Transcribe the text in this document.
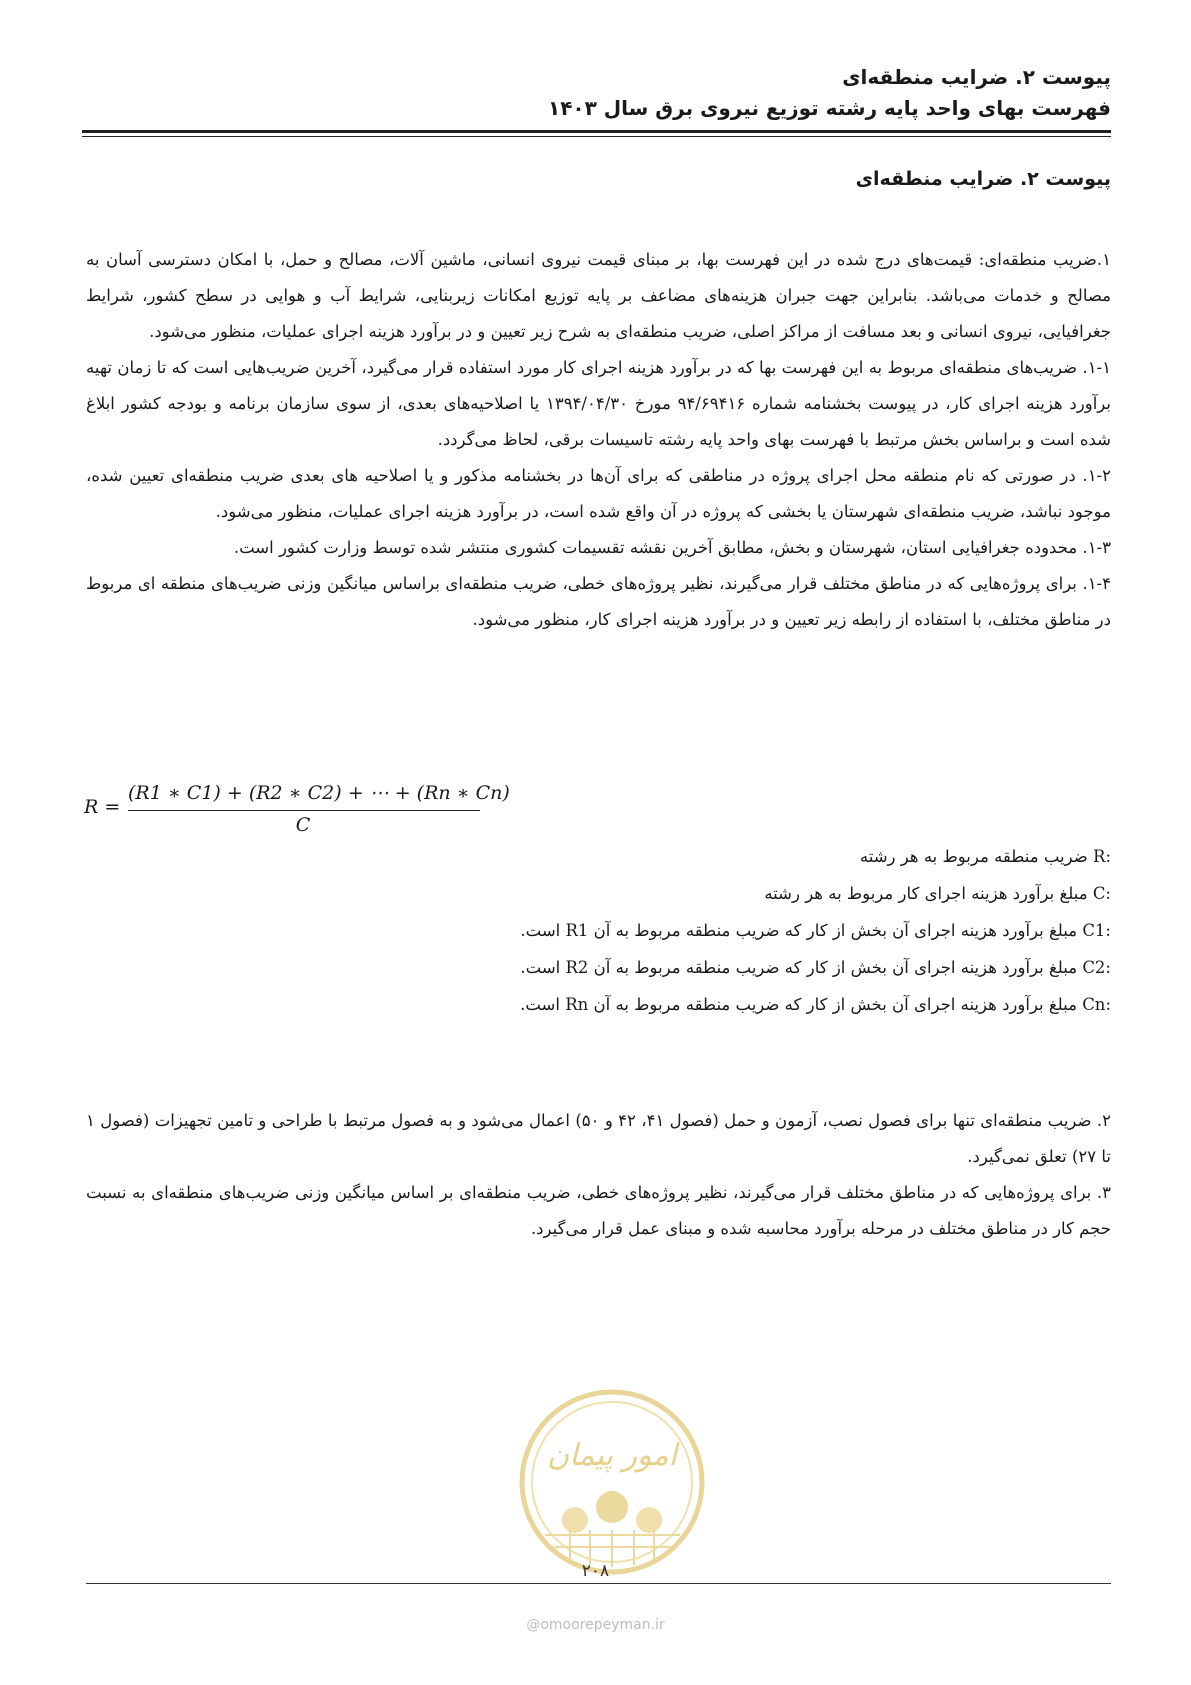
پیوست ۲. ضرایب منطقه‌ای
فهرست بهای واحد پایه رشته توزیع نیروی برق سال ۱۴۰۳
پیوست ۲. ضرایب منطقه‌ای

۱.ضریب منطقه‌ای: قیمت‌های درج شده در این فهرست بها، بر مبنای قیمت نیروی انسانی، ماشین آلات، مصالح و حمل، با امکان دسترسی آسان به مصالح و خدمات می‌باشد. بنابراین جهت جبران هزینه‌های مضاعف بر پایه توزیع امکانات زیربنایی، شرایط آب و هوایی در سطح کشور، شرایط جغرافیایی، نیروی انسانی و بعد مسافت از مراکز اصلی، ضریب منطقه‌ای به شرح زیر تعیین و در برآورد هزینه اجرای عملیات، منظور می‌شود.

۱-۱. ضریب‌های منطقه‌ای مربوط به این فهرست بها که در برآورد هزینه اجرای کار مورد استفاده قرار می‌گیرد، آخرین ضریب‌هایی است که تا زمان تهیه برآورد هزینه اجرای کار، در پیوست بخشنامه شماره ۹۴/۶۹۴۱۶ مورخ ۱۳۹۴/۰۴/۳۰ یا اصلاحیه‌های بعدی، از سوی سازمان برنامه و بودجه کشور ابلاغ شده است و براساس بخش مرتبط با فهرست بهای واحد پایه رشته تاسیسات برقی، لحاظ می‌گردد.

۱-۲. در صورتی که نام منطقه محل اجرای پروژه در مناطقی که برای آن‌ها در بخشنامه مذکور و یا اصلاحیه های بعدی ضریب منطقه‌ای تعیین شده، موجود نباشد، ضریب منطقه‌ای شهرستان یا بخشی که پروژه در آن واقع شده است، در برآورد هزینه اجرای عملیات، منظور می‌شود.

۱-۳. محدوده جغرافیایی استان، شهرستان و بخش، مطابق آخرین نقشه تقسیمات کشوری منتشر شده توسط وزارت کشور است.

۱-۴. برای پروژه‌هایی که در مناطق مختلف قرار می‌گیرند، نظیر پروژه‌های خطی، ضریب منطقه‌ای براساس میانگین وزنی ضریب‌های منطقه ای مربوط در مناطق مختلف، با استفاده از رابطه زیر تعیین و در برآورد هزینه اجرای کار، منظور می‌شود.

R =
(R1 ∗ C1) + (R2 ∗ C2) + ⋯ + (Rn ∗ Cn)
C
R: ضریب منطقه مربوط به هر رشته
C: مبلغ برآورد هزینه اجرای کار مربوط به هر رشته
C1: مبلغ برآورد هزینه اجرای آن بخش از کار که ضریب منطقه مربوط به آن R1 است.
C2: مبلغ برآورد هزینه اجرای آن بخش از کار که ضریب منطقه مربوط به آن R2 است.
Cn: مبلغ برآورد هزینه اجرای آن بخش از کار که ضریب منطقه مربوط به آن Rn است.

۲. ضریب منطقه‌ای تنها برای فصول نصب، آزمون و حمل (فصول ۴۱، ۴۲ و ۵۰) اعمال می‌شود و به فصول مرتبط با طراحی و تامین تجهیزات (فصول ۱ تا ۲۷) تعلق نمی‌گیرد.

۳. برای پروژه‌هایی که در مناطق مختلف قرار می‌گیرند، نظیر پروژه‌های خطی، ضریب منطقه‌ای بر اساس میانگین وزنی ضریب‌های منطقه‌ای به نسبت حجم کار در مناطق مختلف در مرحله برآورد محاسبه شده و مبنای عمل قرار می‌گیرد.

امور پیمان
۲۰۸
@omoorepeyman.ir
